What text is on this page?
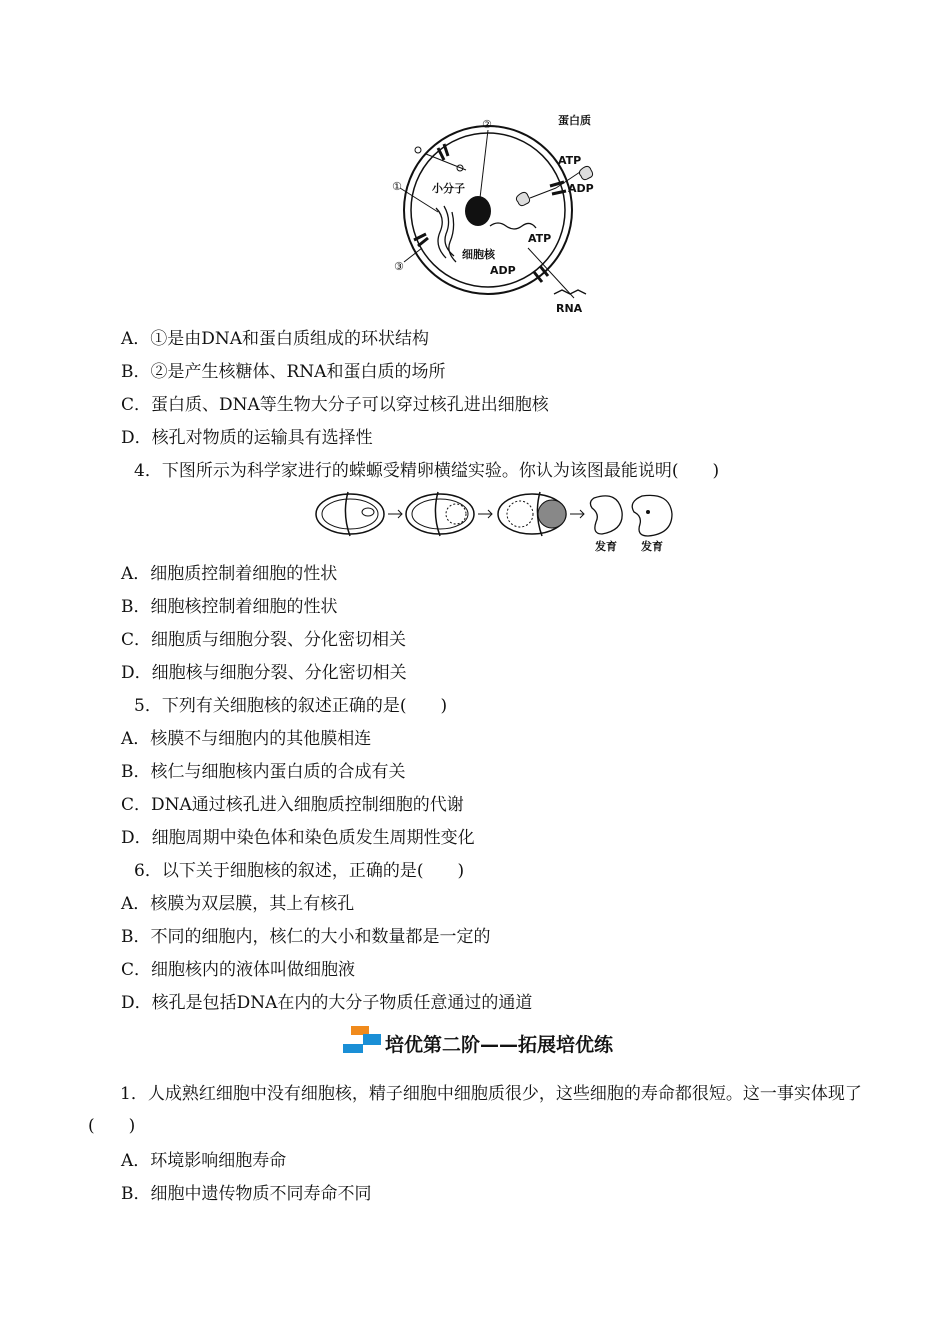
①
②
③
小分子
细胞核
蛋白质
ATP
ADP
ATP
ADP
RNA
A．①是由DNA和蛋白质组成的环状结构
B．②是产生核糖体、RNA和蛋白质的场所
C．蛋白质、DNA等生物大分子可以穿过核孔进出细胞核
D．核孔对物质的运输具有选择性
4．下图所示为科学家进行的蝾螈受精卵横缢实验。你认为该图最能说明(　　)
发育 发育
A．细胞质控制着细胞的性状
B．细胞核控制着细胞的性状
C．细胞质与细胞分裂、分化密切相关
D．细胞核与细胞分裂、分化密切相关
5．下列有关细胞核的叙述正确的是(　　)
A．核膜不与细胞内的其他膜相连
B．核仁与细胞核内蛋白质的合成有关
C．DNA通过核孔进入细胞质控制细胞的代谢
D．细胞周期中染色体和染色质发生周期性变化
6．以下关于细胞核的叙述，正确的是(　　)
A．核膜为双层膜，其上有核孔
B．不同的细胞内，核仁的大小和数量都是一定的
C．细胞核内的液体叫做细胞液
D．核孔是包括DNA在内的大分子物质任意通过的通道
培优第二阶——拓展培优练
1．人成熟红细胞中没有细胞核，精子细胞中细胞质很少，这些细胞的寿命都很短。这一事实体现了(　　)
A．环境影响细胞寿命
B．细胞中遗传物质不同寿命不同
